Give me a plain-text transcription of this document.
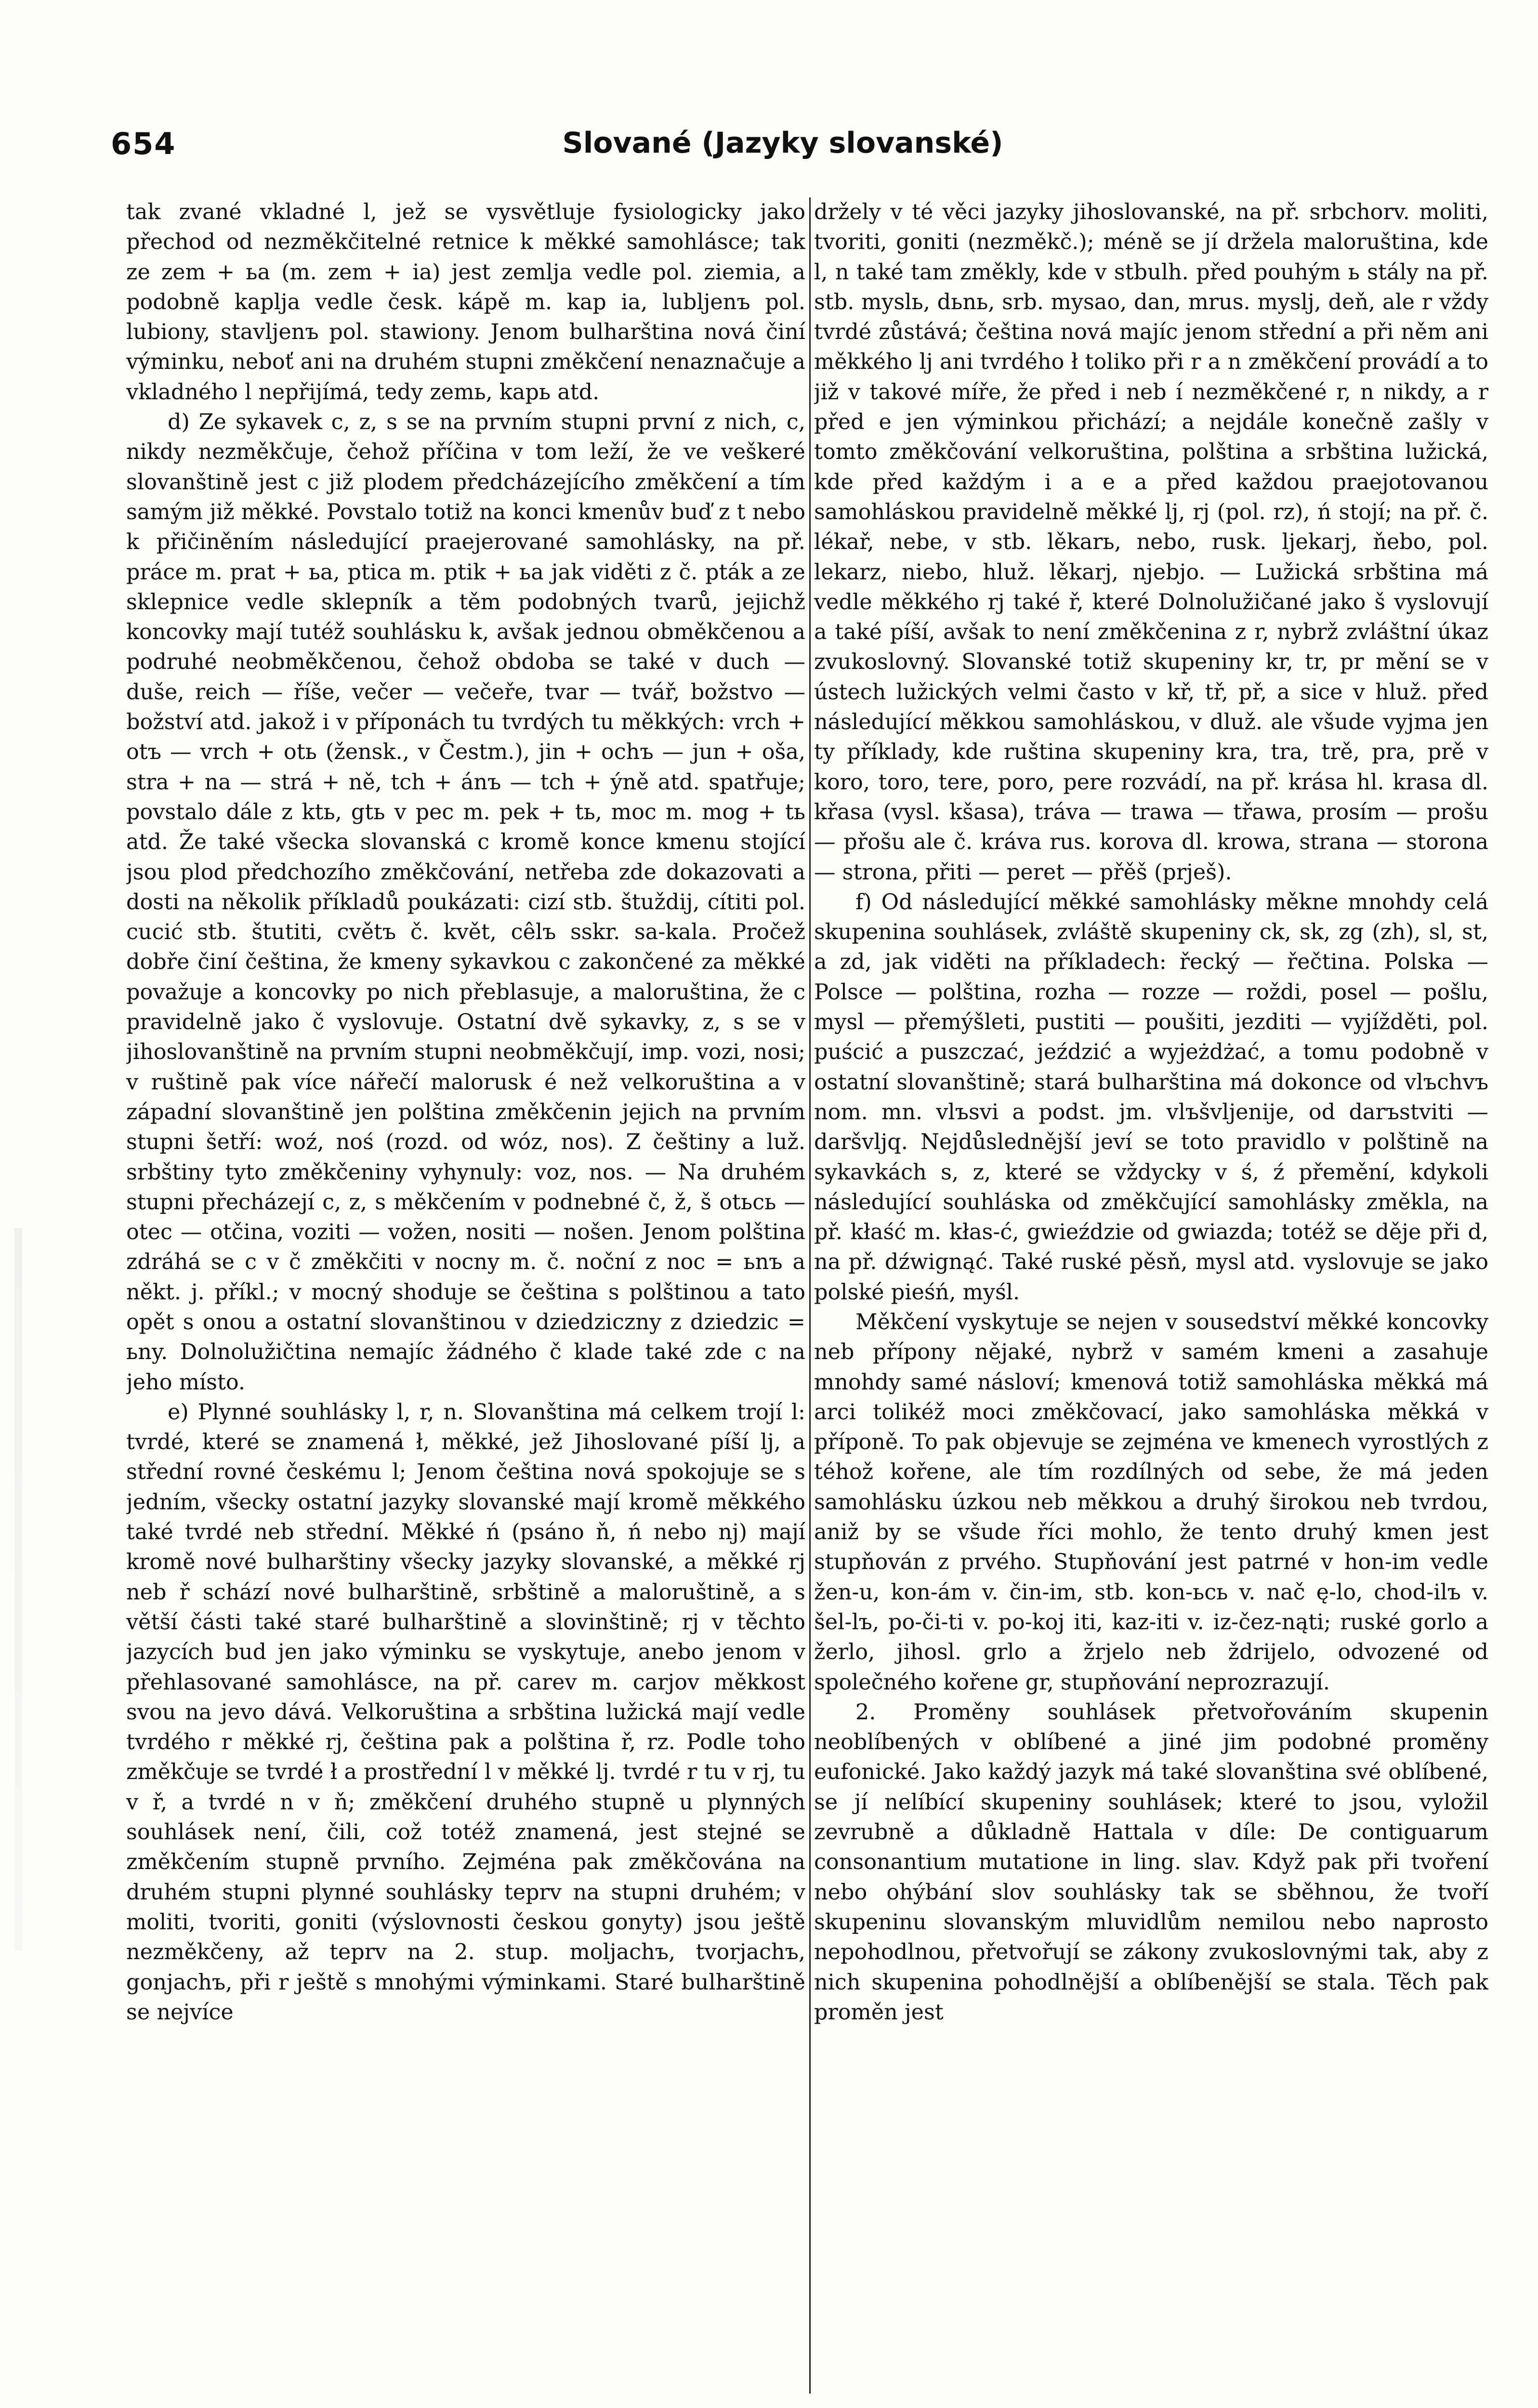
654	Slované (Jazyky slovanské)

tak zvané vkladné l, jež se vysvětluje fysiologicky jako přechod od nezměkčitelné retnice k měkké samohlásce; tak ze zem + ьa (m. zem + ia) jest zemlja vedle pol. ziemia, a podobně kaplja vedle česk. kápě m. kap ia, lubljenъ pol. lubiony, stavljenъ pol. stawiony. Jenom bulharština nová činí výminku, neboť ani na druhém stupni změkčení nenaznačuje a vkladného l nepřijímá, tedy zemь, kapь atd.

d) Ze sykavek c, z, s se na prvním stupni první z nich, c, nikdy nezměkčuje, čehož příčina v tom leží, že ve veškeré slovanštině jest c již plodem předcházejícího změkčení a tím samým již měkké. Povstalo totiž na konci kmenův buď z t nebo k přičiněním následující praejerované samohlásky, na př. práce m. prat + ьa, ptica m. ptik + ьa jak viděti z č. pták a ze sklepnice vedle sklepník a těm podobných tvarů, jejichž koncovky mají tutéž souhlásku k, avšak jednou obměkčenou a podruhé neobměkčenou, čehož obdoba se také v duch — duše, reich — říše, večer — večeře, tvar — tvář, božstvo — božství atd. jakož i v příponách tu tvrdých tu měkkých: vrch + otъ — vrch + otь (žensk., v Čestm.), jin + ochъ — jun + oša, stra + na — strá + ně, tch + ánъ — tch + ýně atd. spatřuje; povstalo dále z ktь, gtь v pec m. pek + tь, moc m. mog + tь atd. Že také všecka slovanská c kromě konce kmenu stojící jsou plod předchozího změkčování, netřeba zde dokazovati a dosti na několik příkladů poukázati: cizí stb. štuždij, cítiti pol. cucić stb. štutiti, cvětъ č. květ, cêlъ sskr. sa-kala. Pročež dobře činí čeština, že kmeny sykavkou c zakončené za měkké považuje a koncovky po nich přeblasuje, a maloruština, že c pravidelně jako č vyslovuje. Ostatní dvě sykavky, z, s se v jihoslovanštině na prvním stupni neobměkčují, imp. vozi, nosi; v ruštině pak více nářečí malorusk é než velkoruština a v západní slovanštině jen polština změkčenin jejich na prvním stupni šetří: woź, noś (rozd. od wóz, nos). Z češtiny a luž. srbštiny tyto změkčeniny vyhynuly: voz, nos. — Na druhém stupni přecházejí c, z, s měkčením v podnebné č, ž, š otьcь — otec — otčina, voziti — vožen, nositi — nošen. Jenom polština zdráhá se c v č změkčiti v nocny m. č. noční z noc = ьnъ a někt. j. příkl.; v mocný shoduje se čeština s polštinou a tato opět s onou a ostatní slovanštinou v dziedziczny z dziedzic = ьny. Dolnolužičtina nemajíc žádného č klade také zde c na jeho místo.

e) Plynné souhlásky l, r, n. Slovanština má celkem trojí l: tvrdé, které se znamená ł, měkké, jež Jihoslované píší lj, a střední rovné českému l; Jenom čeština nová spokojuje se s jedním, všecky ostatní jazyky slovanské mají kromě měkkého také tvrdé neb střední. Měkké ń (psáno ň, ń nebo nj) mají kromě nové bulharštiny všecky jazyky slovanské, a měkké rj neb ř schází nové bulharštině, srbštině a maloruštině, a s větší části také staré bulharštině a slovinštině; rj v těchto jazycích bud jen jako výminku se vyskytuje, anebo jenom v přehlasované samohlásce, na př. carev m. carjov měkkost svou na jevo dává. Velkoruština a srbština lužická mají vedle tvrdého r měkké rj, čeština pak a polština ř, rz. Podle toho změkčuje se tvrdé ł a prostřední l v měkké lj. tvrdé r tu v rj, tu v ř, a tvrdé n v ň; změkčení druhého stupně u plynných souhlásek není, čili, což totéž znamená, jest stejné se změkčením stupně prvního. Zejména pak změkčována na druhém stupni plynné souhlásky teprv na stupni druhém; v moliti, tvoriti, goniti (výslovnosti českou gonyty) jsou ještě nezměkčeny, až teprv na 2. stup. moljachъ, tvorjachъ, gonjachъ, při r ještě s mnohými výminkami. Staré bulharštině se nejvíce

držely v té věci jazyky jihoslovanské, na př. srbchorv. moliti, tvoriti, goniti (nezměkč.); méně se jí držela maloruština, kde l, n také tam změkly, kde v stbulh. před pouhým ь stály na př. stb. myslь, dьnь, srb. mysao, dan, mrus. myslj, deň, ale r vždy tvrdé zůstává; čeština nová majíc jenom střední a při něm ani měkkého lj ani tvrdého ł toliko při r a n změkčení provádí a to již v takové míře, že před i neb í nezměkčené r, n nikdy, a r před e jen výminkou přichází; a nejdále konečně zašly v tomto změkčování velkoruština, polština a srbština lužická, kde před každým i a e a před každou praejotovanou samohláskou pravidelně měkké lj, rj (pol. rz), ń stojí; na př. č. lékař, nebe, v stb. lěkarь, nebo, rusk. ljekarj, ňebo, pol. lekarz, niebo, hluž. lěkarj, njebjo. — Lužická srbština má vedle měkkého rj také ř, které Dolnolužičané jako š vyslovují a také píší, avšak to není změkčenina z r, nybrž zvláštní úkaz zvukoslovný. Slovanské totiž skupeniny kr, tr, pr mění se v ústech lužických velmi často v kř, tř, př, a sice v hluž. před následující měkkou samohláskou, v dluž. ale všude vyjma jen ty příklady, kde ruština skupeniny kra, tra, trě, pra, prě v koro, toro, tere, poro, pere rozvádí, na př. krása hl. krasa dl. křasa (vysl. kšasa), tráva — trawa — třawa, prosím — prošu — přošu ale č. kráva rus. korova dl. krowa, strana — storona — strona, přiti — peret — přěš (prješ).

f) Od následující měkké samohlásky měkne mnohdy celá skupenina souhlásek, zvláště skupeniny ck, sk, zg (zh), sl, st, a zd, jak viděti na příkladech: řecký — řečtina. Polska — Polsce — polština, rozha — rozze — roždi, posel — pošlu, mysl — přemýšleti, pustiti — poušiti, jezditi — vyjížděti, pol. puścić a puszczać, jeździć a wyjeżdżać, a tomu podobně v ostatní slovanštině; stará bulharština má dokonce od vlъchvъ nom. mn. vlъsvi a podst. jm. vlъšvljenije, od darъstviti — daršvljq. Nejdůslednější jeví se toto pravidlo v polštině na sykavkách s, z, které se vždycky v ś, ź přemění, kdykoli následující souhláska od změkčující samohlásky změkla, na př. kłaść m. kłas-ć, gwieździe od gwiazda; totéž se děje při d, na př. dźwignąć. Také ruské pěsň, mysl atd. vyslovuje se jako polské pieśń, myśl.

Měkčení vyskytuje se nejen v sousedství měkké koncovky neb přípony nějaké, nybrž v samém kmeni a zasahuje mnohdy samé násloví; kmenová totiž samohláska měkká má arci tolikéž moci změkčovací, jako samohláska měkká v příponě. To pak objevuje se zejména ve kmenech vyrostlých z téhož kořene, ale tím rozdílných od sebe, že má jeden samohlásku úzkou neb měkkou a druhý širokou neb tvrdou, aniž by se všude říci mohlo, že tento druhý kmen jest stupňován z prvého. Stupňování jest patrné v hon-im vedle žen-u, kon-ám v. čin-im, stb. kon-ьcь v. nač ę-lo, chod-ilъ v. šel-lъ, po-či-ti v. po-koj iti, kaz-iti v. iz-čez-nąti; ruské gorlo a žerlo, jihosl. grlo a žrjelo neb ždrijelo, odvozené od společného kořene gr, stupňování neprozrazují.

2. Proměny souhlásek přetvořováním skupenin neoblíbených v oblíbené a jiné jim podobné proměny eufonické. Jako každý jazyk má také slovanština své oblíbené, se jí nelíbící skupeniny souhlásek; které to jsou, vyložil zevrubně a důkladně Hattala v díle: De contiguarum consonantium mutatione in ling. slav. Když pak při tvoření nebo ohýbání slov souhlásky tak se sběhnou, že tvoří skupeninu slovanským mluvidlům nemilou nebo naprosto nepohodlnou, přetvořují se zákony zvukoslovnými tak, aby z nich skupenina pohodlnější a oblíbenější se stala. Těch pak proměn jest
